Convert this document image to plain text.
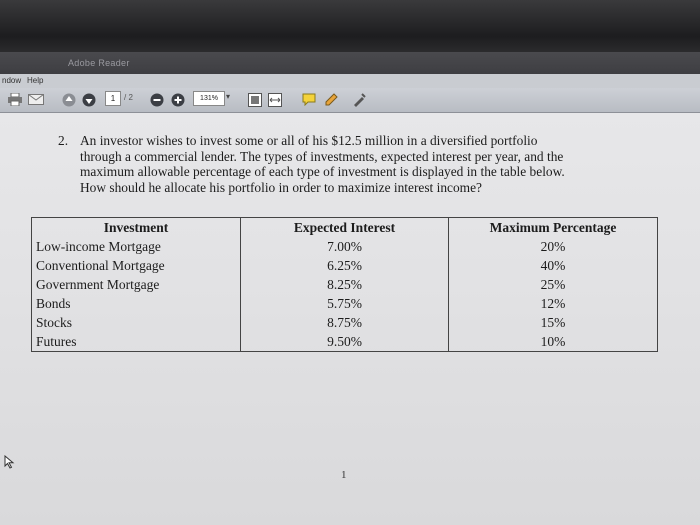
Adobe Reader
ndow Help
1	/ 2	131%	▾
2. An investor wishes to invest some or all of his $12.5 million in a diversified portfolio
through a commercial lender. The types of investments, expected interest per year, and the
maximum allowable percentage of each type of investment is displayed in the table below.
How should he allocate his portfolio in order to maximize interest income?
Investment	Expected Interest	Maximum Percentage
Low-income Mortgage	7.00%	20%
Conventional Mortgage	6.25%	40%
Government Mortgage	8.25%	25%
Bonds	5.75%	12%
Stocks	8.75%	15%
Futures	9.50%	10%
1
